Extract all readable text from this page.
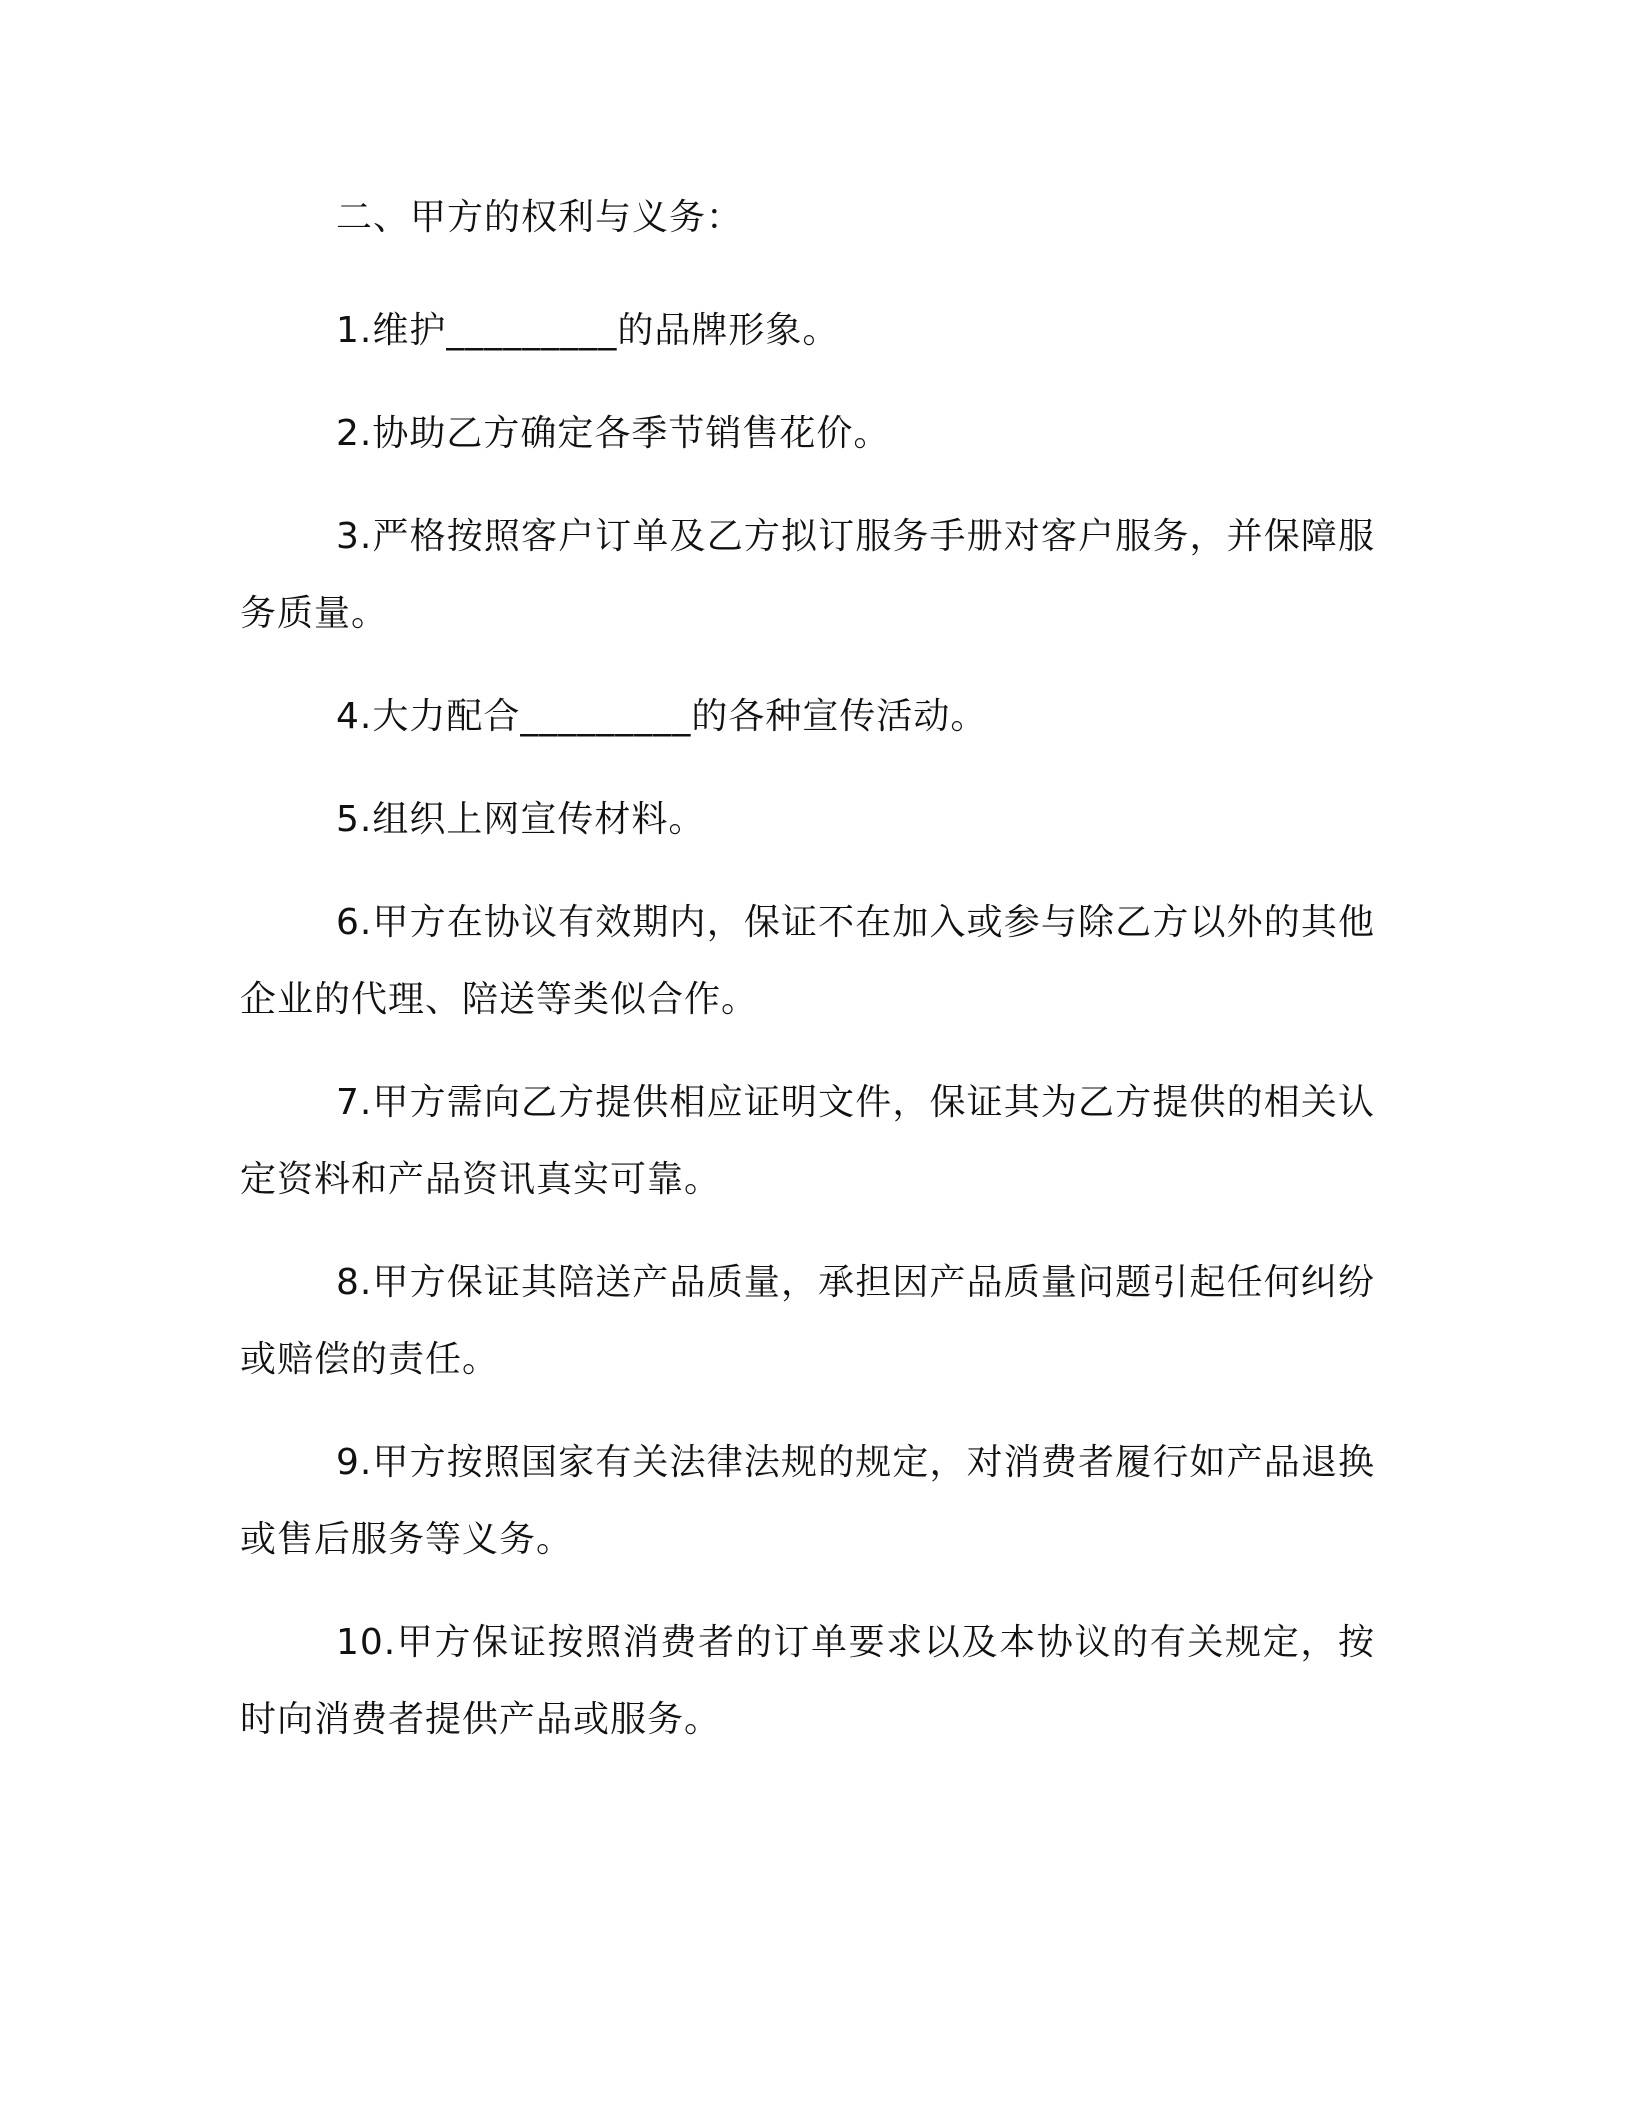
二、甲方的权利与义务：

1.维护_________的品牌形象。

2.协助乙方确定各季节销售花价。

3.严格按照客户订单及乙方拟订服务手册对客户服务，并保障服务质量。

4.大力配合_________的各种宣传活动。

5.组织上网宣传材料。

6.甲方在协议有效期内，保证不在加入或参与除乙方以外的其他企业的代理、陪送等类似合作。

7.甲方需向乙方提供相应证明文件，保证其为乙方提供的相关认定资料和产品资讯真实可靠。

8.甲方保证其陪送产品质量，承担因产品质量问题引起任何纠纷或赔偿的责任。

9.甲方按照国家有关法律法规的规定，对消费者履行如产品退换或售后服务等义务。

10.甲方保证按照消费者的订单要求以及本协议的有关规定，按时向消费者提供产品或服务。
